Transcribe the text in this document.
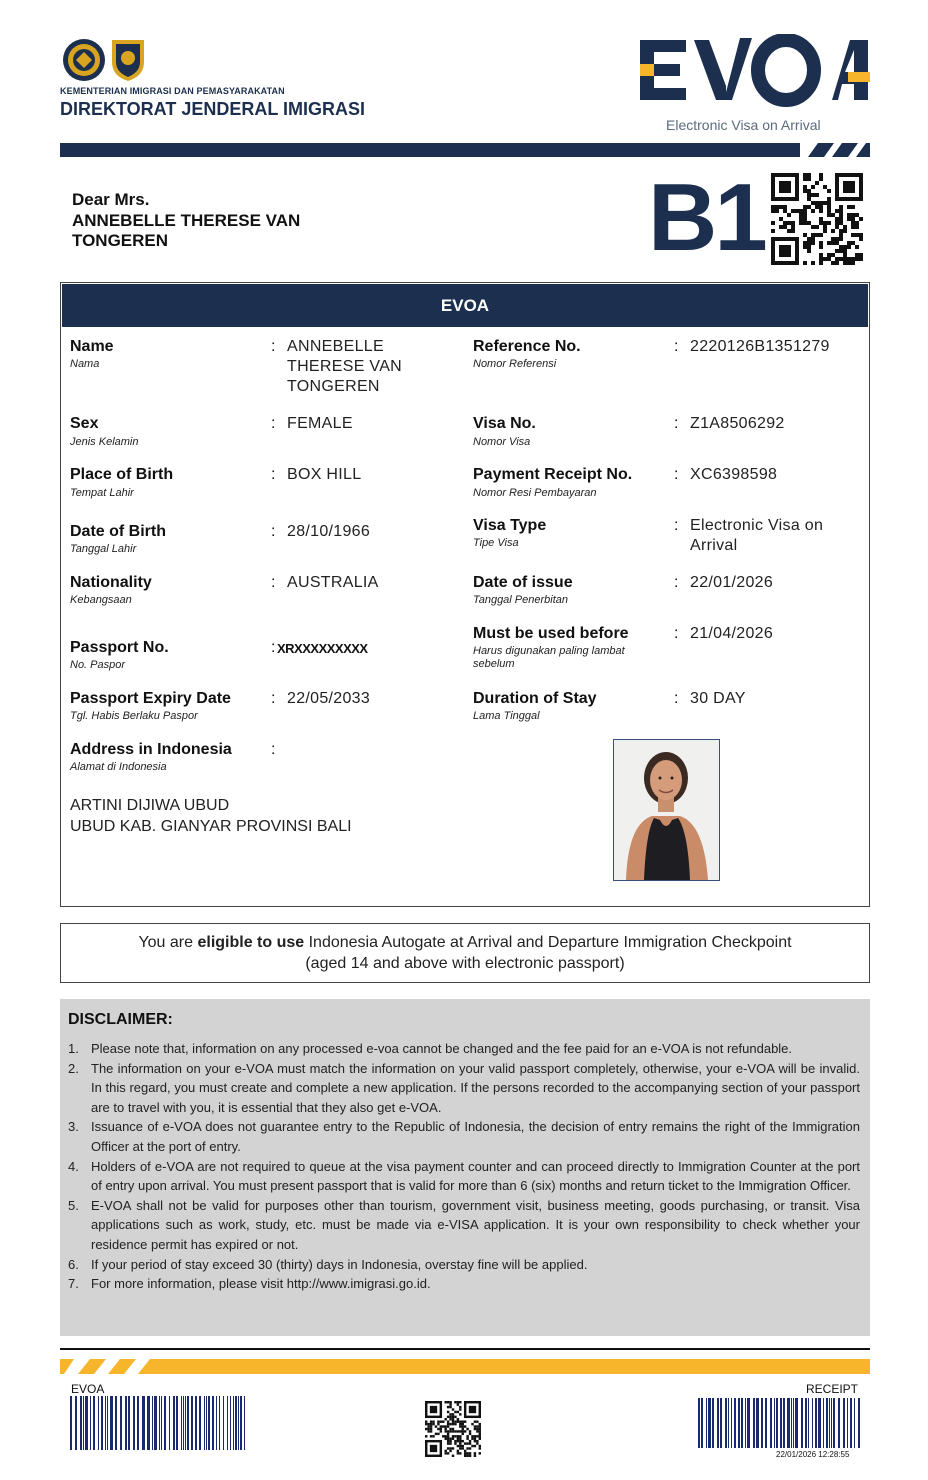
KEMENTERIAN IMIGRASI DAN PEMASYARAKATAN
DIREKTORAT JENDERAL IMIGRASI
Electronic Visa on Arrival
Dear Mrs.
ANNEBELLE THERESE VAN
TONGEREN	B1
EVOA
Name
Nama
: ANNEBELLE THERESE VAN TONGEREN
Sex
Jenis Kelamin
: FEMALE
Place of Birth
Tempat Lahir
: BOX HILL
Date of Birth
Tanggal Lahir
: 28/10/1966
Nationality
Kebangsaan
: AUSTRALIA
Passport No.
No. Paspor
: XRXXXXXXXXX
Passport Expiry Date
Tgl. Habis Berlaku Paspor
: 22/05/2033
Address in Indonesia
Alamat di Indonesia
:
ARTINI DIJIWA UBUD
UBUD KAB. GIANYAR PROVINSI BALI
Reference No.
Nomor Referensi
: 2220126B1351279
Visa No.
Nomor Visa
: Z1A8506292
Payment Receipt No.
Nomor Resi Pembayaran
: XC6398598
Visa Type
Tipe Visa
: Electronic Visa on Arrival
Date of issue
Tanggal Penerbitan
: 22/01/2026
Must be used before
Harus digunakan paling lambat sebelum
: 21/04/2026
Duration of Stay
Lama Tinggal
: 30 DAY
You are eligible to use Indonesia Autogate at Arrival and Departure Immigration Checkpoint
(aged 14 and above with electronic passport)
DISCLAIMER:
1. Please note that, information on any processed e-voa cannot be changed and the fee paid for an e-VOA is not refundable.
2. The information on your e-VOA must match the information on your valid passport completely, otherwise, your e-VOA will be invalid. In this regard, you must create and complete a new application. If the persons recorded to the accompanying section of your passport are to travel with you, it is essential that they also get e-VOA.
3. Issuance of e-VOA does not guarantee entry to the Republic of Indonesia, the decision of entry remains the right of the Immigration Officer at the port of entry.
4. Holders of e-VOA are not required to queue at the visa payment counter and can proceed directly to Immigration Counter at the port of entry upon arrival. You must present passport that is valid for more than 6 (six) months and return ticket to the Immigration Officer.
5. E-VOA shall not be valid for purposes other than tourism, government visit, business meeting, goods purchasing, or transit. Visa applications such as work, study, etc. must be made via e-VISA application. It is your own responsibility to check whether your residence permit has expired or not.
6. If your period of stay exceed 30 (thirty) days in Indonesia, overstay fine will be applied.
7. For more information, please visit http://www.imigrasi.go.id.
EVOA	RECEIPT
22/01/2026 12:28:55
